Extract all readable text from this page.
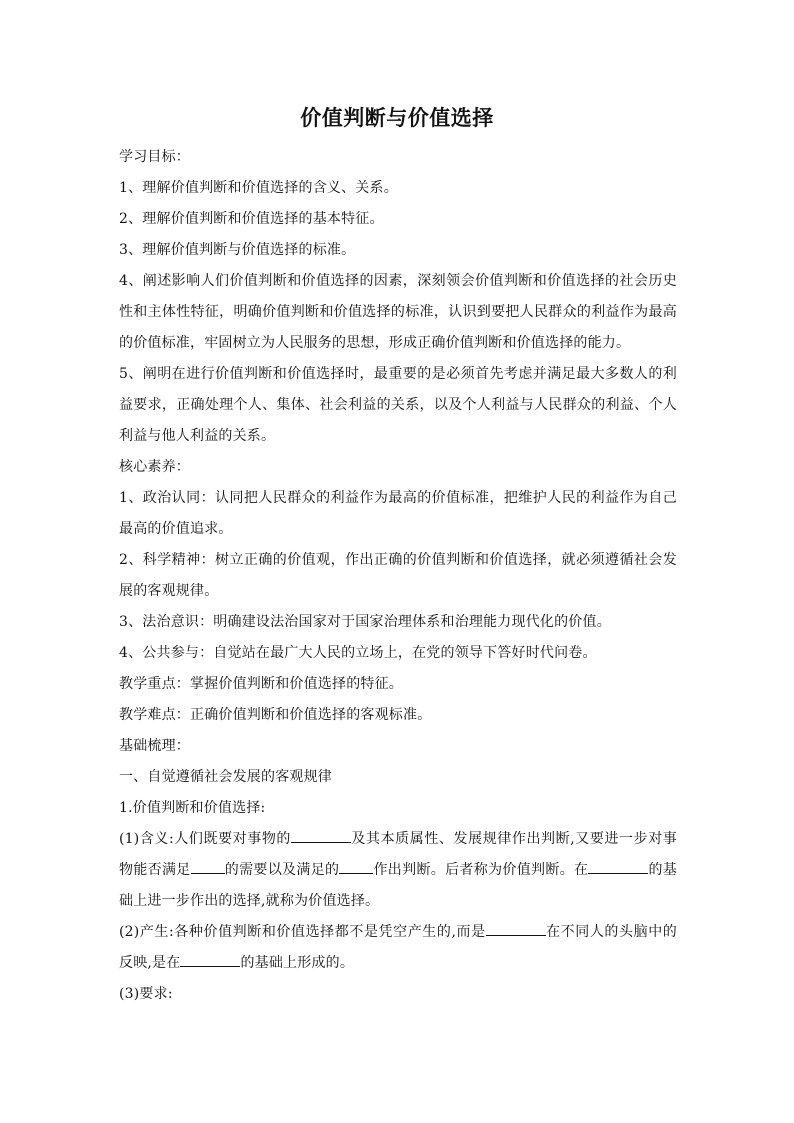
价值判断与价值选择

学习目标：

1、理解价值判断和价值选择的含义、关系。

2、理解价值判断和价值选择的基本特征。

3、理解价值判断与价值选择的标准。

4、阐述影响人们价值判断和价值选择的因素，深刻领会价值判断和价值选择的社会历史性和主体性特征，明确价值判断和价值选择的标准，认识到要把人民群众的利益作为最高的价值标准，牢固树立为人民服务的思想，形成正确价值判断和价值选择的能力。

5、阐明在进行价值判断和价值选择时，最重要的是必须首先考虑并满足最大多数人的利益要求，正确处理个人、集体、社会利益的关系，以及个人利益与人民群众的利益、个人利益与他人利益的关系。

核心素养：

1、政治认同：认同把人民群众的利益作为最高的价值标准，把维护人民的利益作为自己最高的价值追求。

2、科学精神：树立正确的价值观，作出正确的价值判断和价值选择，就必须遵循社会发展的客观规律。

3、法治意识：明确建设法治国家对于国家治理体系和治理能力现代化的价值。

4、公共参与：自觉站在最广大人民的立场上，在党的领导下答好时代问卷。

教学重点：掌握价值判断和价值选择的特征。

教学难点：正确价值判断和价值选择的客观标准。

基础梳理：

一、自觉遵循社会发展的客观规律

1.价值判断和价值选择:

(1)含义:人们既要对事物的	及其本质属性、发展规律作出判断,又要进一步对事物能否满足 的需要以及满足的 作出判断。后者称为价值判断。在	的基础上进一步作出的选择,就称为价值选择。

(2)产生:各种价值判断和价值选择都不是凭空产生的,而是	在不同人的头脑中的反映,是在	的基础上形成的。

(3)要求:
